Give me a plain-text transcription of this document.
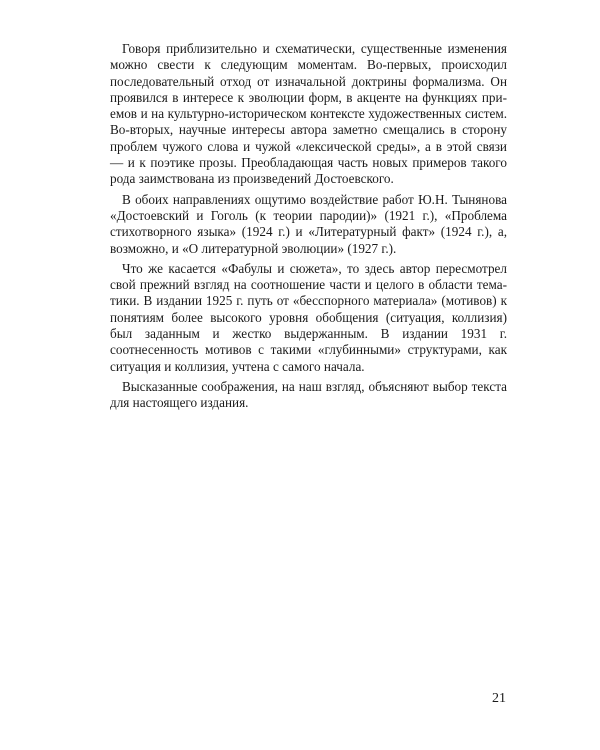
Говоря приблизительно и схематически, существенные изменения можно свести к следующим моментам. Во-первых, происходил последовательный отход от изначальной доктрины формализма. Он проявился в интересе к эволюции форм, в акценте на функциях приемов и на культурно-историческом контексте художественных систем. Во-вторых, научные интересы автора заметно смещались в сторону проблем чужого слова и чужой «лексической среды», а в этой связи — и к поэтике прозы. Преобладающая часть новых примеров такого рода заимствована из произведений Достоевского.

В обоих направлениях ощутимо воздействие работ Ю.Н. Тынянова «Достоевский и Гоголь (к теории пародии)» (1921 г.), «Проблема стихотворного языка» (1924 г.) и «Литературный факт» (1924 г.), а, возможно, и «О литературной эволюции» (1927 г.).

Что же касается «Фабулы и сюжета», то здесь автор пересмотрел свой прежний взгляд на соотношение части и целого в области тематики. В издании 1925 г. путь от «бесспорного материала» (мотивов) к понятиям более высокого уровня обобщения (ситуация, коллизия) был заданным и жестко выдержанным. В издании 1931 г. соотнесенность мотивов с такими «глубинными» структурами, как ситуация и коллизия, учтена с самого начала.

Высказанные соображения, на наш взгляд, объясняют выбор текста для настоящего издания.

21
